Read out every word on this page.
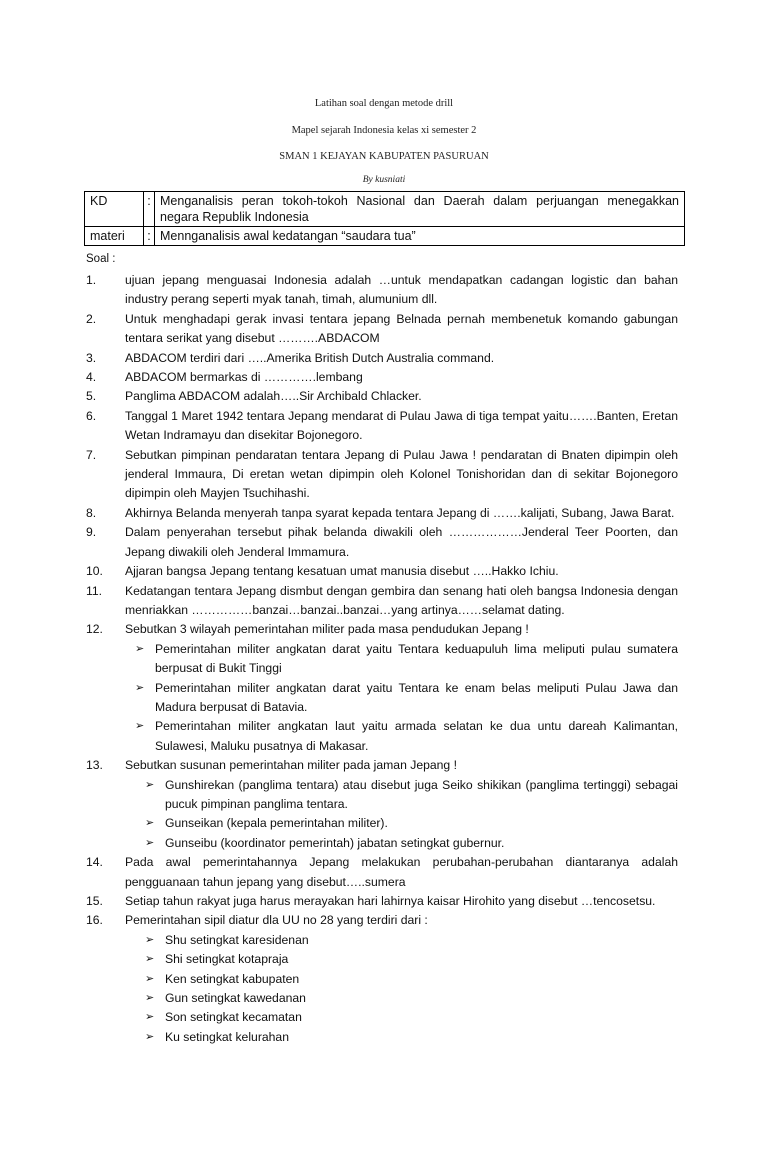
Latihan soal dengan metode drill
Mapel sejarah Indonesia kelas xi semester 2
SMAN 1 KEJAYAN KABUPATEN PASURUAN
By kusniati
KD	:	Menganalisis peran tokoh-tokoh Nasional dan Daerah dalam perjuangan menegakkan negara Republik Indonesia
materi	:	Mennganalisis awal kedatangan “saudara tua”
Soal :
1.	ujuan jepang menguasai Indonesia adalah …untuk mendapatkan cadangan logistic dan bahan industry perang seperti myak tanah, timah, alumunium dll.
2.	Untuk menghadapi gerak invasi tentara jepang Belnada pernah membenetuk komando gabungan tentara serikat yang disebut ……….ABDACOM
3.	ABDACOM terdiri dari …..Amerika British Dutch Australia command.
4.	ABDACOM bermarkas di ………….lembang
5.	Panglima ABDACOM adalah…..Sir Archibald Chlacker.
6.	Tanggal 1 Maret 1942 tentara Jepang mendarat di Pulau Jawa di tiga tempat yaitu…….Banten, Eretan Wetan Indramayu dan disekitar Bojonegoro.
7.	Sebutkan pimpinan pendaratan tentara Jepang di Pulau Jawa ! pendaratan di Bnaten dipimpin oleh jenderal Immaura, Di eretan wetan dipimpin oleh Kolonel Tonishoridan dan di sekitar Bojonegoro dipimpin oleh Mayjen Tsuchihashi.
8.	Akhirnya Belanda menyerah tanpa syarat kepada tentara Jepang di …….kalijati, Subang, Jawa Barat.
9.	Dalam penyerahan tersebut pihak belanda diwakili oleh ………………Jenderal Teer Poorten, dan Jepang diwakili oleh Jenderal Immamura.
10.	Ajjaran bangsa Jepang tentang kesatuan umat manusia disebut …..Hakko Ichiu.
11.	Kedatangan tentara Jepang dismbut dengan gembira dan senang hati oleh bangsa Indonesia dengan menriakkan ……………banzai…banzai..banzai…yang artinya……selamat dating.
12.	Sebutkan 3 wilayah pemerintahan militer pada masa pendudukan Jepang !
➢ Pemerintahan militer angkatan darat yaitu Tentara keduapuluh lima meliputi pulau sumatera berpusat di Bukit Tinggi
➢ Pemerintahan militer angkatan darat yaitu Tentara ke enam belas meliputi Pulau Jawa dan Madura berpusat di Batavia.
➢ Pemerintahan militer angkatan laut yaitu armada selatan ke dua untu dareah Kalimantan, Sulawesi, Maluku pusatnya di Makasar.
13.	Sebutkan susunan pemerintahan militer pada jaman Jepang !
➢ Gunshirekan (panglima tentara) atau disebut juga Seiko shikikan (panglima tertinggi) sebagai pucuk pimpinan panglima tentara.
➢ Gunseikan (kepala pemerintahan militer).
➢ Gunseibu (koordinator pemerintah) jabatan setingkat gubernur.
14.	Pada awal pemerintahannya Jepang melakukan perubahan-perubahan diantaranya adalah pengguanaan tahun jepang yang disebut…..sumera
15.	Setiap tahun rakyat juga harus merayakan hari lahirnya kaisar Hirohito yang disebut …tencosetsu.
16.	Pemerintahan sipil diatur dla UU no 28 yang terdiri dari :
➢ Shu setingkat karesidenan
➢ Shi setingkat kotapraja
➢ Ken setingkat kabupaten
➢ Gun setingkat kawedanan
➢ Son setingkat kecamatan
➢ Ku setingkat kelurahan
